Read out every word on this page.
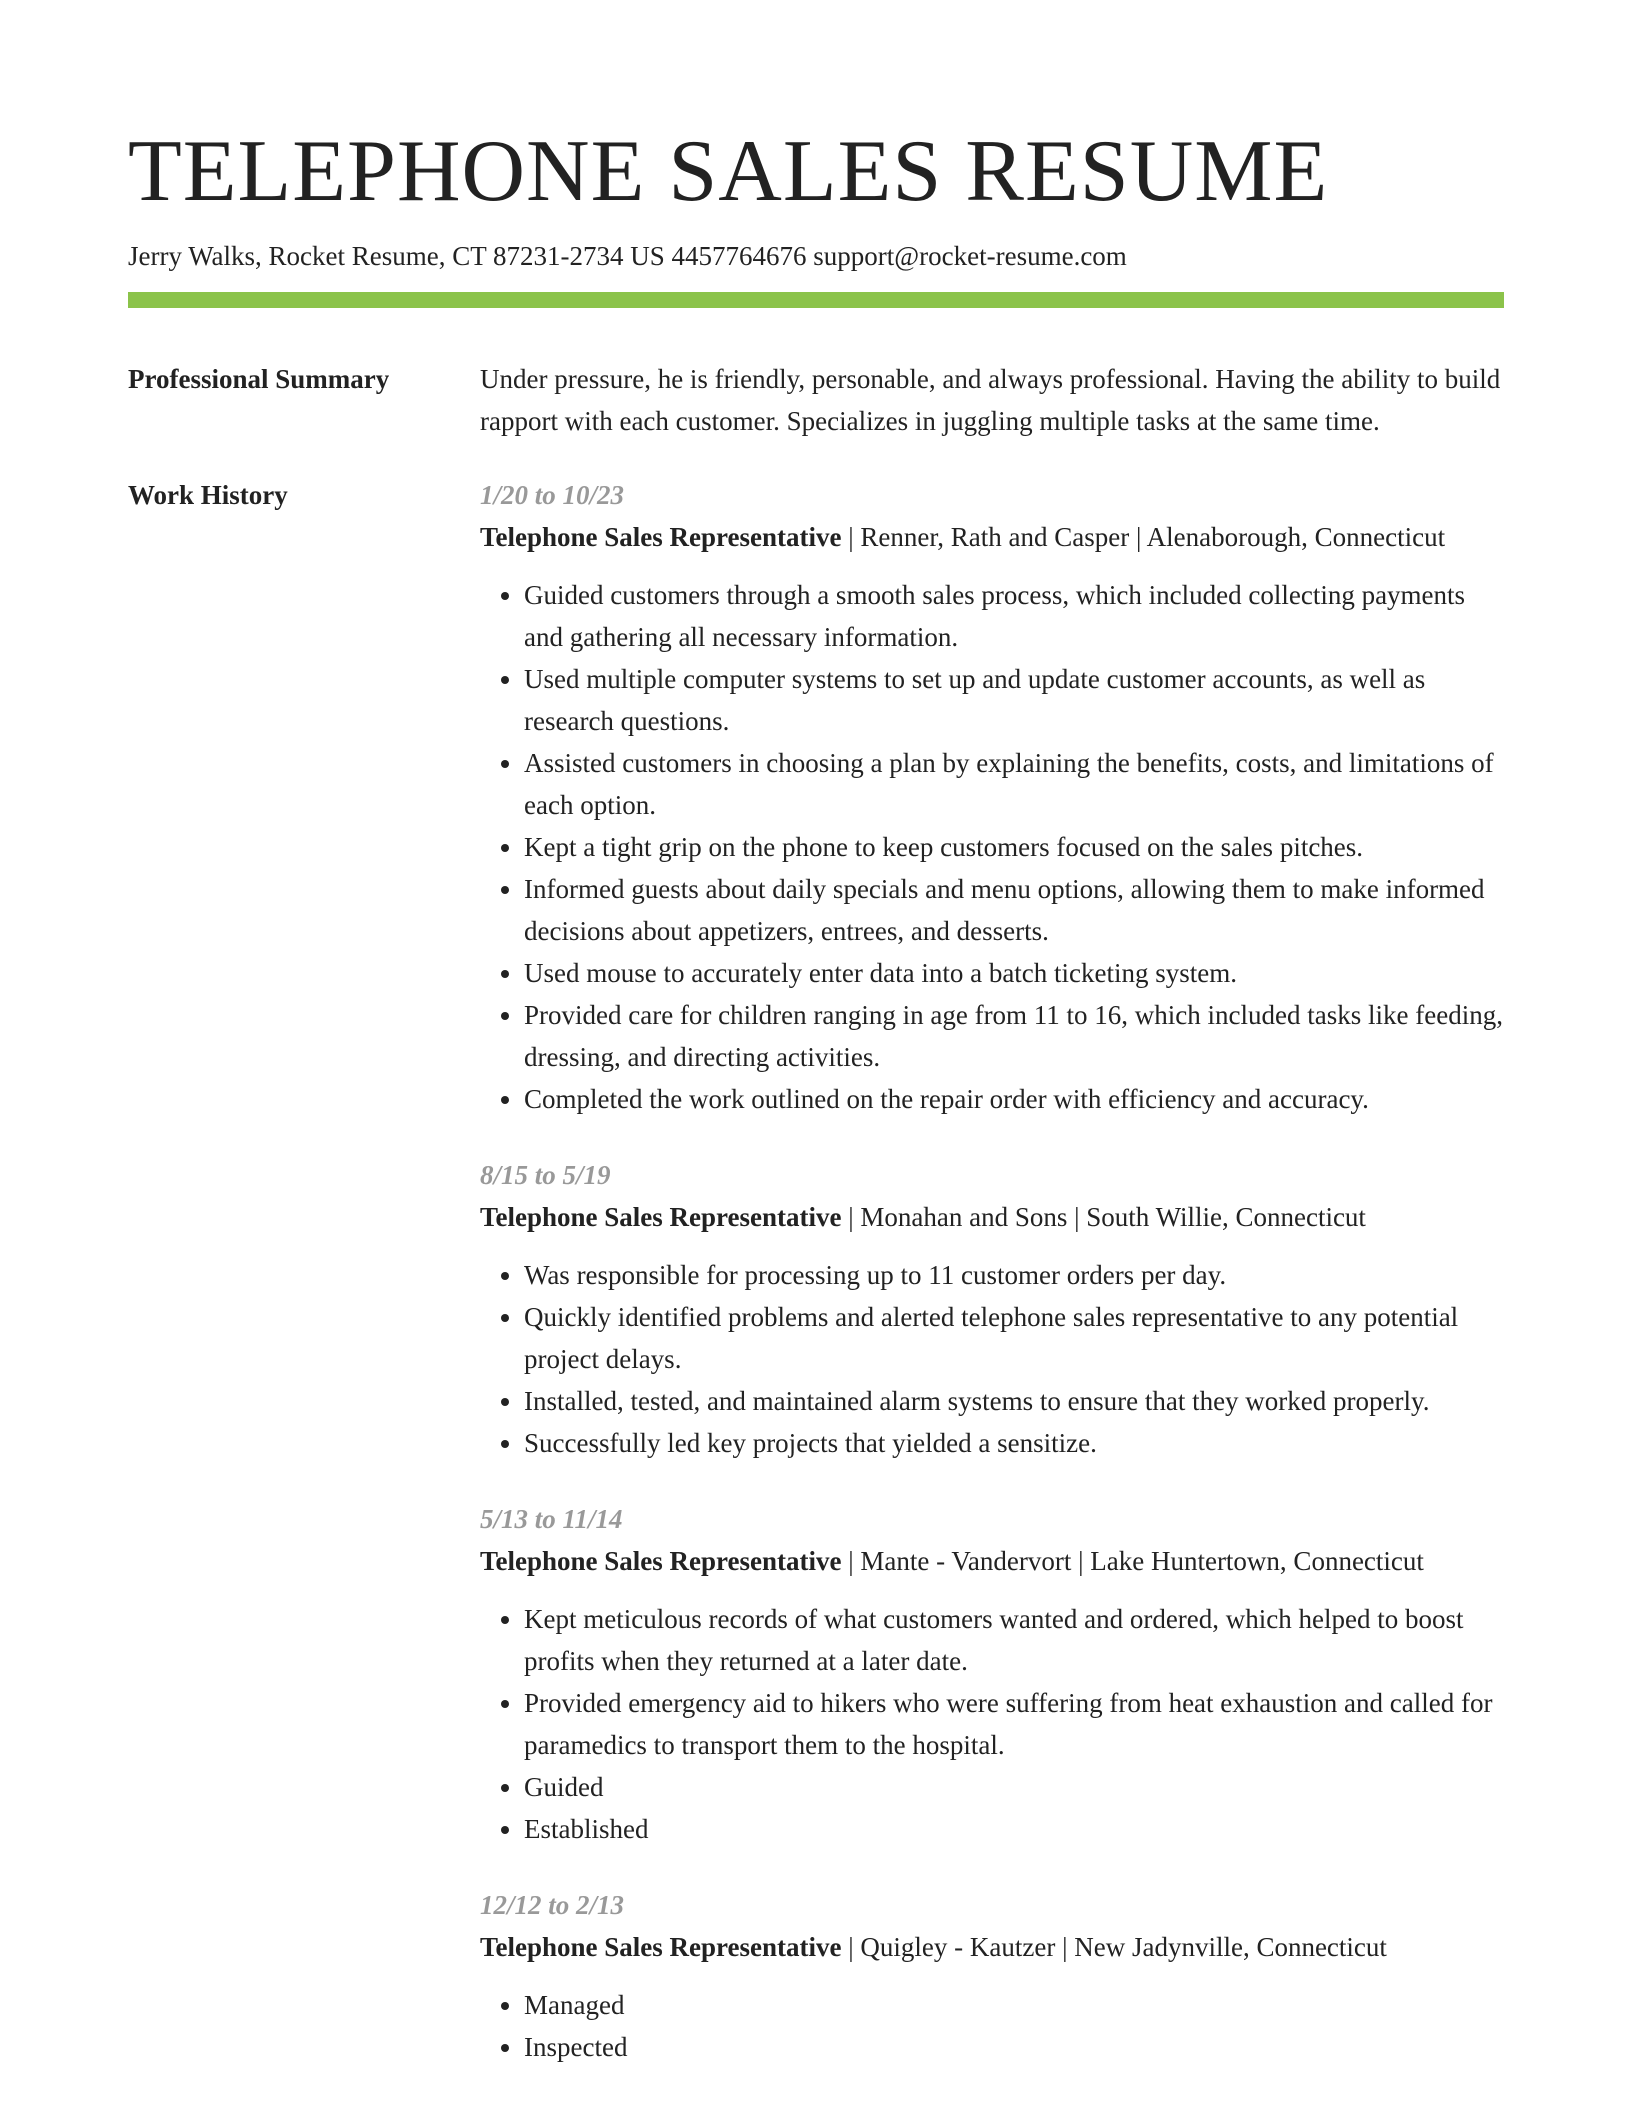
TELEPHONE SALES RESUME
Jerry Walks, Rocket Resume, CT 87231-2734 US 4457764676 support@rocket-resume.com
Professional Summary	Under pressure, he is friendly, personable, and always professional. Having the ability to build rapport with each customer. Specializes in juggling multiple tasks at the same time.
Work History	1/20 to 10/23
Telephone Sales Representative | Renner, Rath and Casper | Alenaborough, Connecticut
• Guided customers through a smooth sales process, which included collecting payments and gathering all necessary information.
• Used multiple computer systems to set up and update customer accounts, as well as research questions.
• Assisted customers in choosing a plan by explaining the benefits, costs, and limitations of each option.
• Kept a tight grip on the phone to keep customers focused on the sales pitches.
• Informed guests about daily specials and menu options, allowing them to make informed decisions about appetizers, entrees, and desserts.
• Used mouse to accurately enter data into a batch ticketing system.
• Provided care for children ranging in age from 11 to 16, which included tasks like feeding, dressing, and directing activities.
• Completed the work outlined on the repair order with efficiency and accuracy.
8/15 to 5/19
Telephone Sales Representative | Monahan and Sons | South Willie, Connecticut
• Was responsible for processing up to 11 customer orders per day.
• Quickly identified problems and alerted telephone sales representative to any potential project delays.
• Installed, tested, and maintained alarm systems to ensure that they worked properly.
• Successfully led key projects that yielded a sensitize.
5/13 to 11/14
Telephone Sales Representative | Mante - Vandervort | Lake Huntertown, Connecticut
• Kept meticulous records of what customers wanted and ordered, which helped to boost profits when they returned at a later date.
• Provided emergency aid to hikers who were suffering from heat exhaustion and called for paramedics to transport them to the hospital.
• Guided
• Established
12/12 to 2/13
Telephone Sales Representative | Quigley - Kautzer | New Jadynville, Connecticut
• Managed
• Inspected
